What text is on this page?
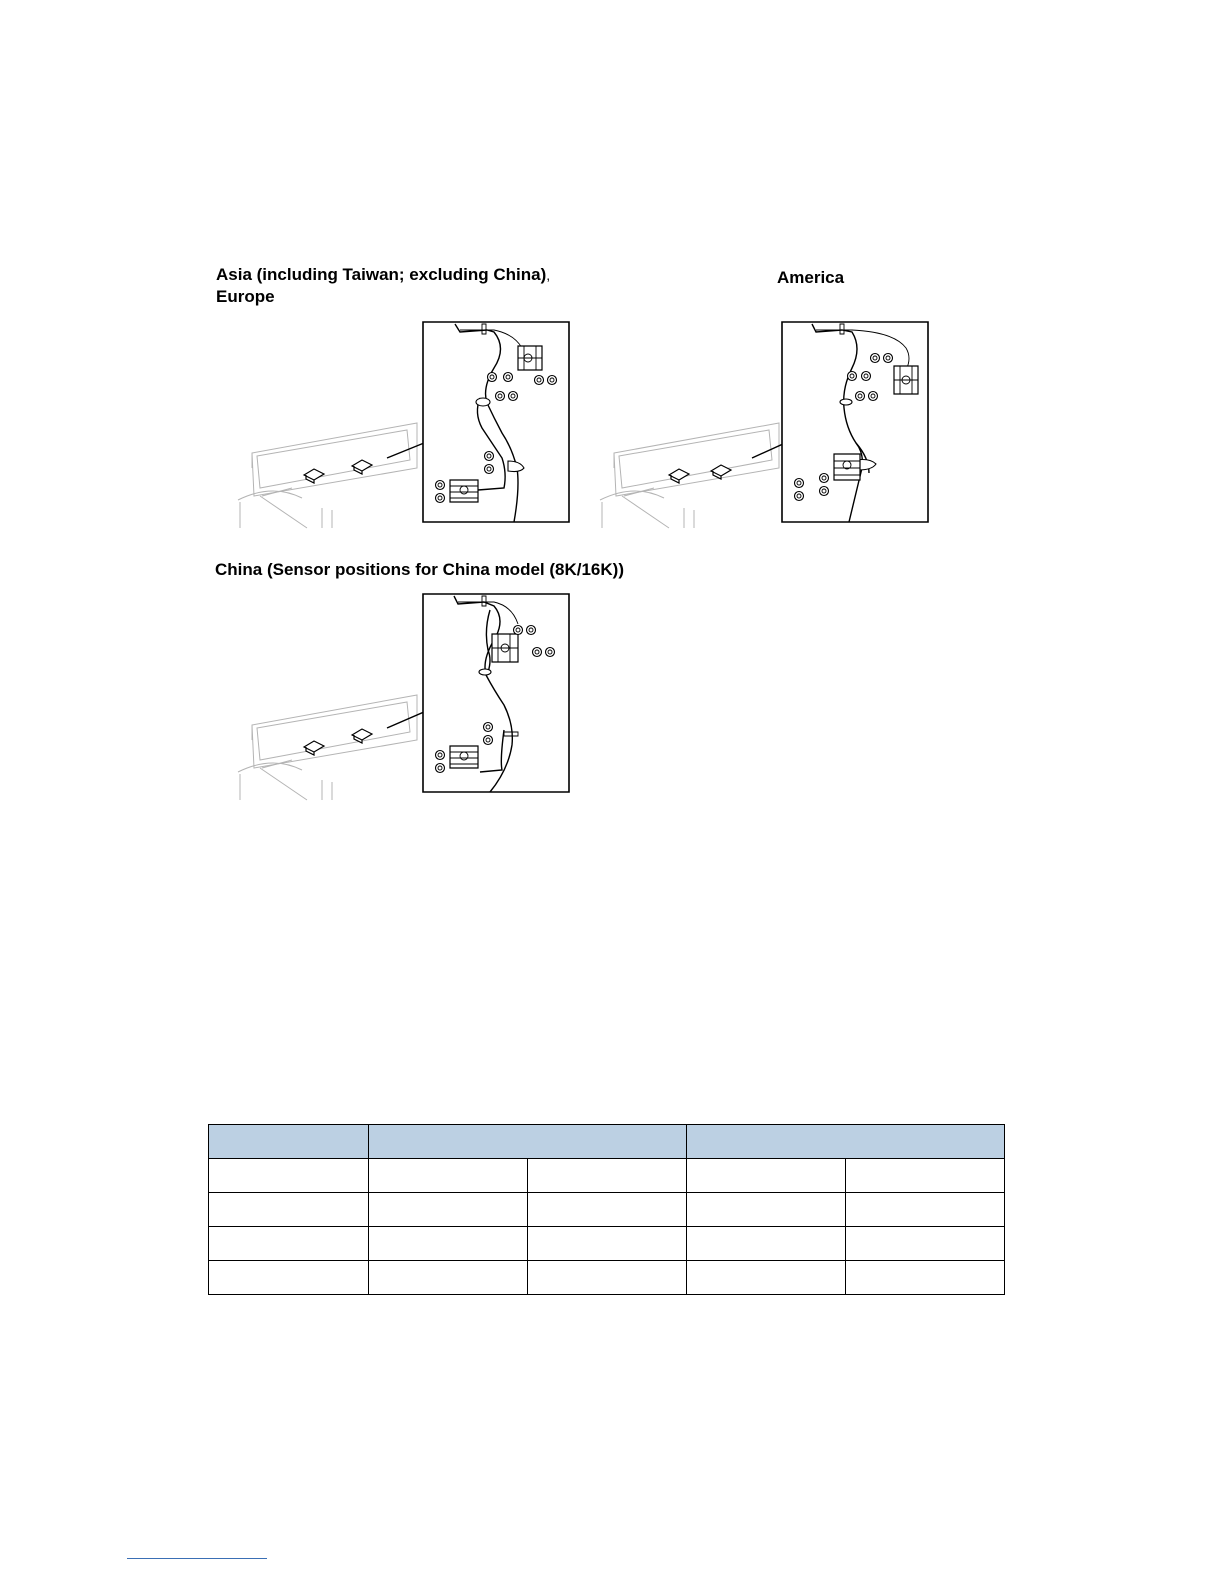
Asia (including Taiwan; excluding China),
Europe
America
China (Sensor positions for China model (8K/16K))
